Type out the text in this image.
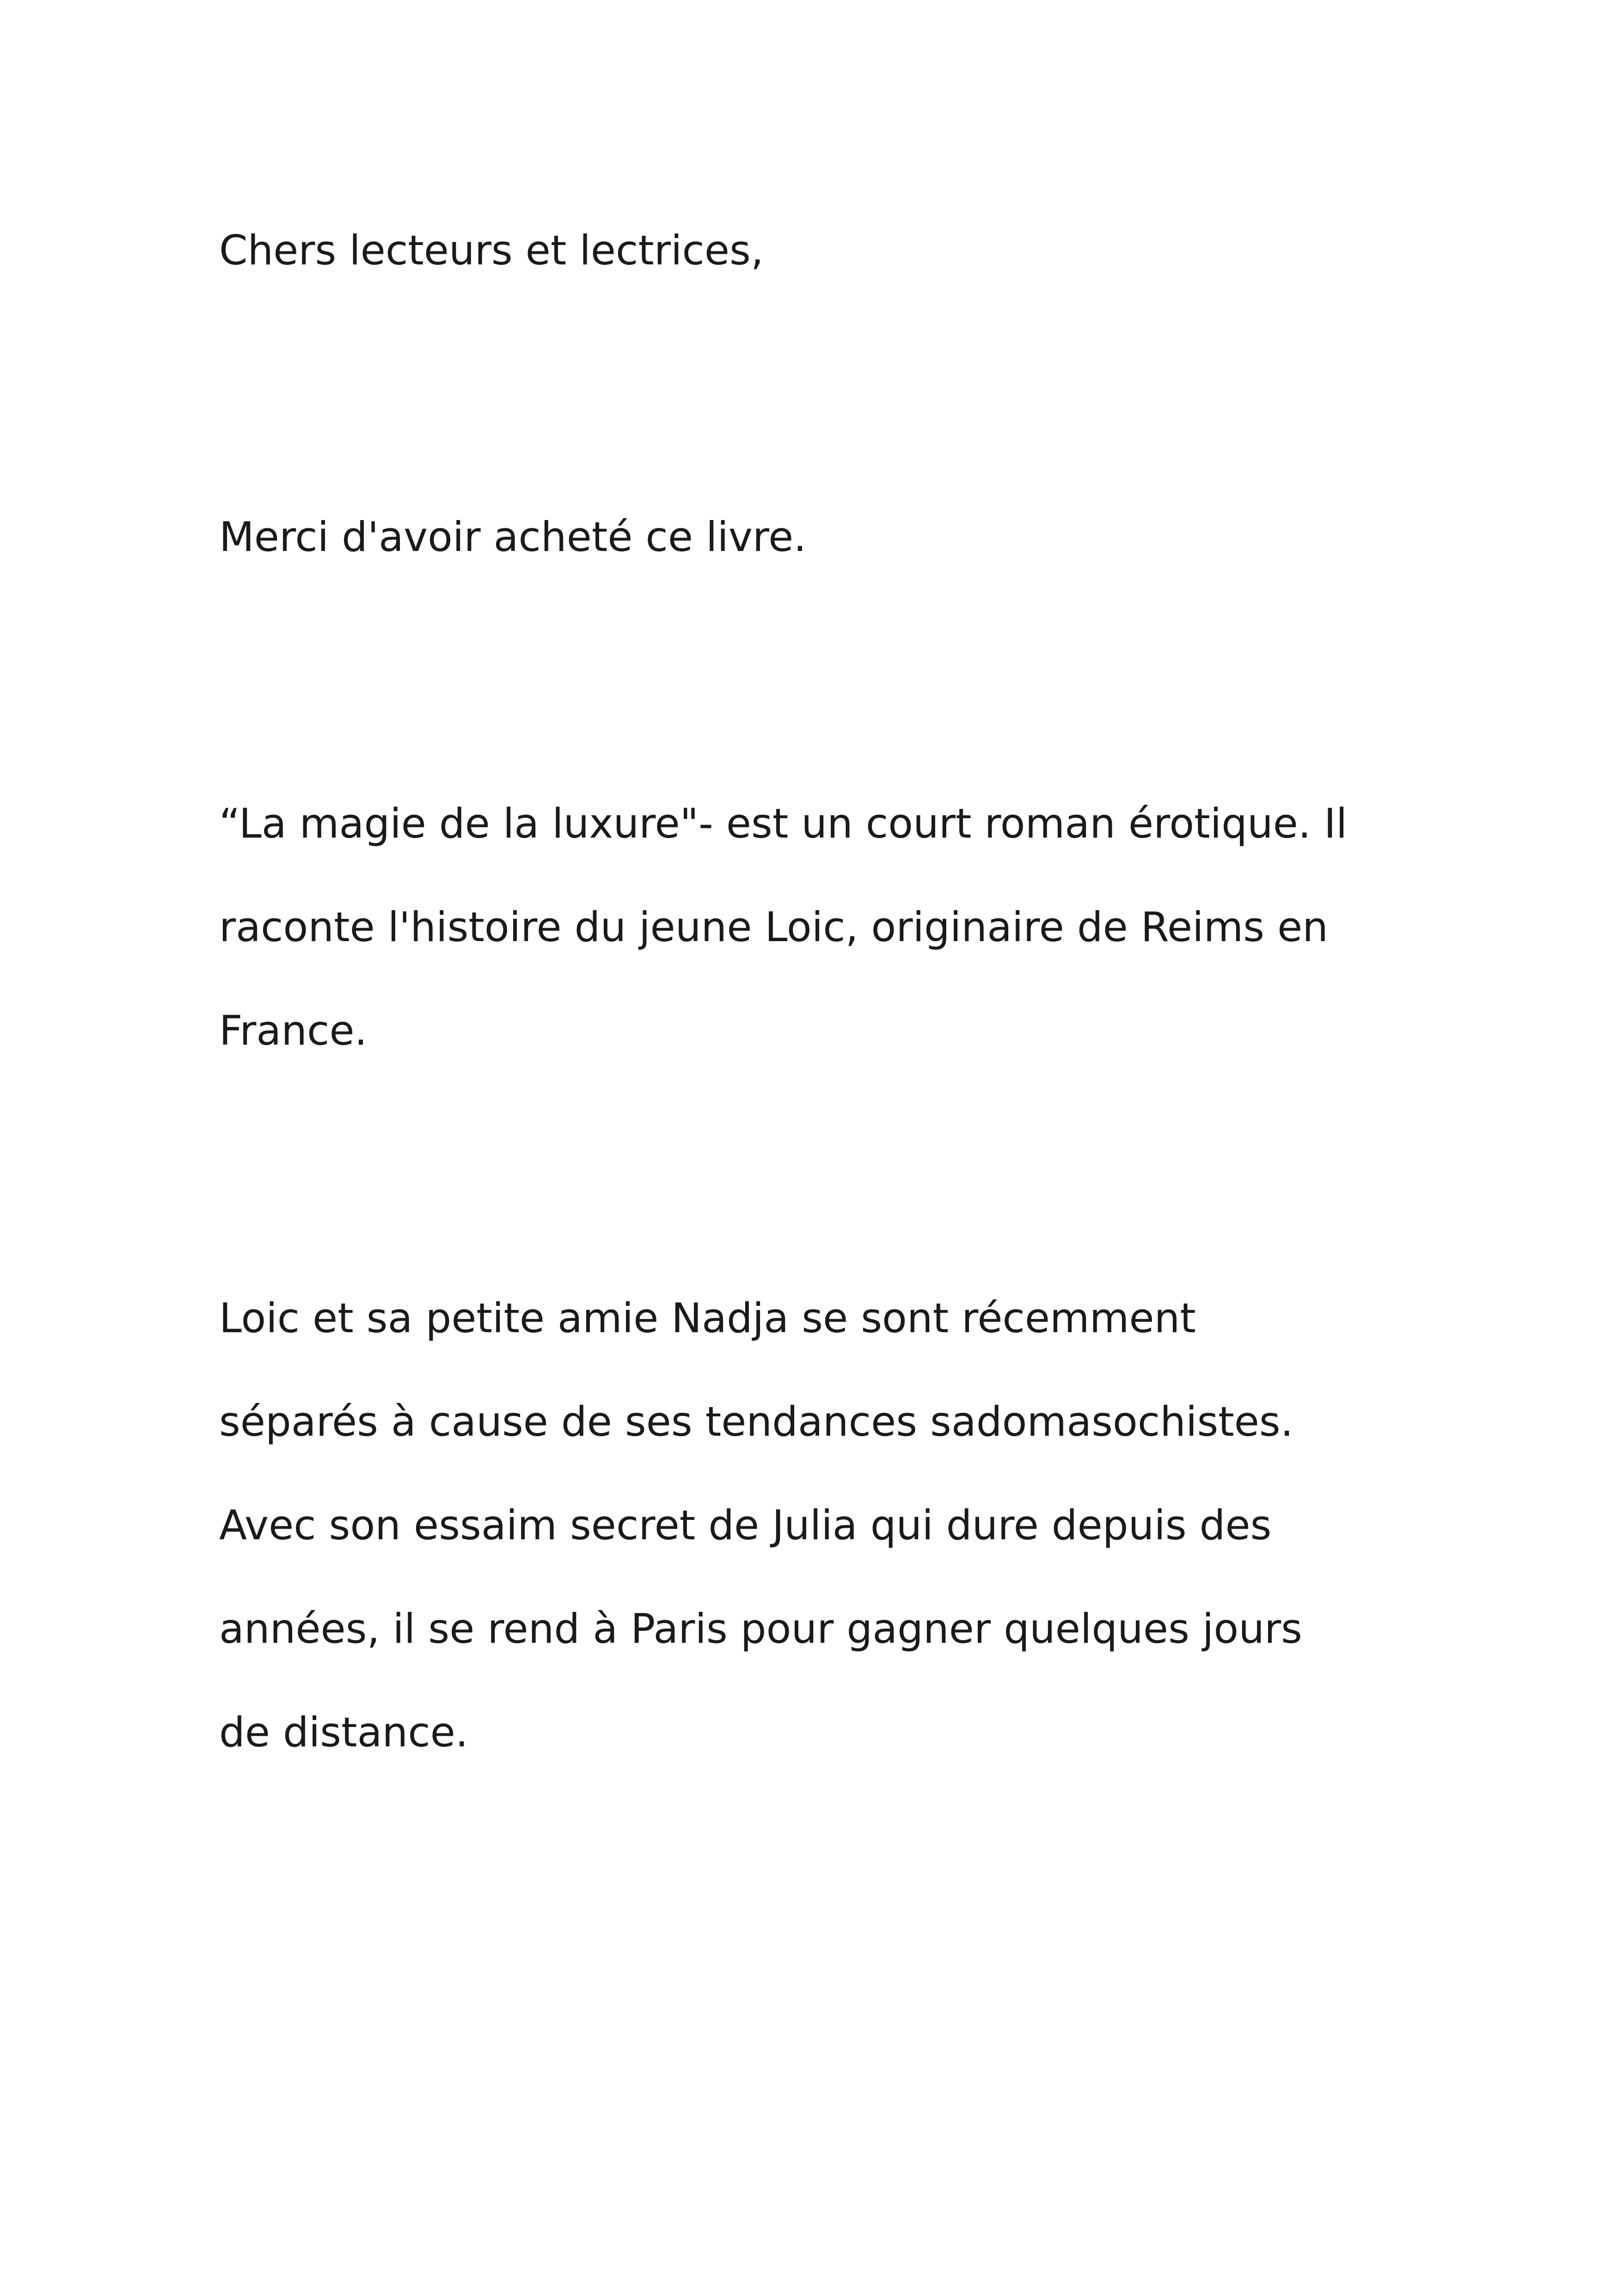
Chers lecteurs et lectrices,
Merci d'avoir acheté ce livre.
“La magie de la luxure"- est un court roman érotique. Il
raconte l'histoire du jeune Loic, originaire de Reims en
France.
Loic et sa petite amie Nadja se sont récemment
séparés à cause de ses tendances sadomasochistes.
Avec son essaim secret de Julia qui dure depuis des
années, il se rend à Paris pour gagner quelques jours
de distance.
